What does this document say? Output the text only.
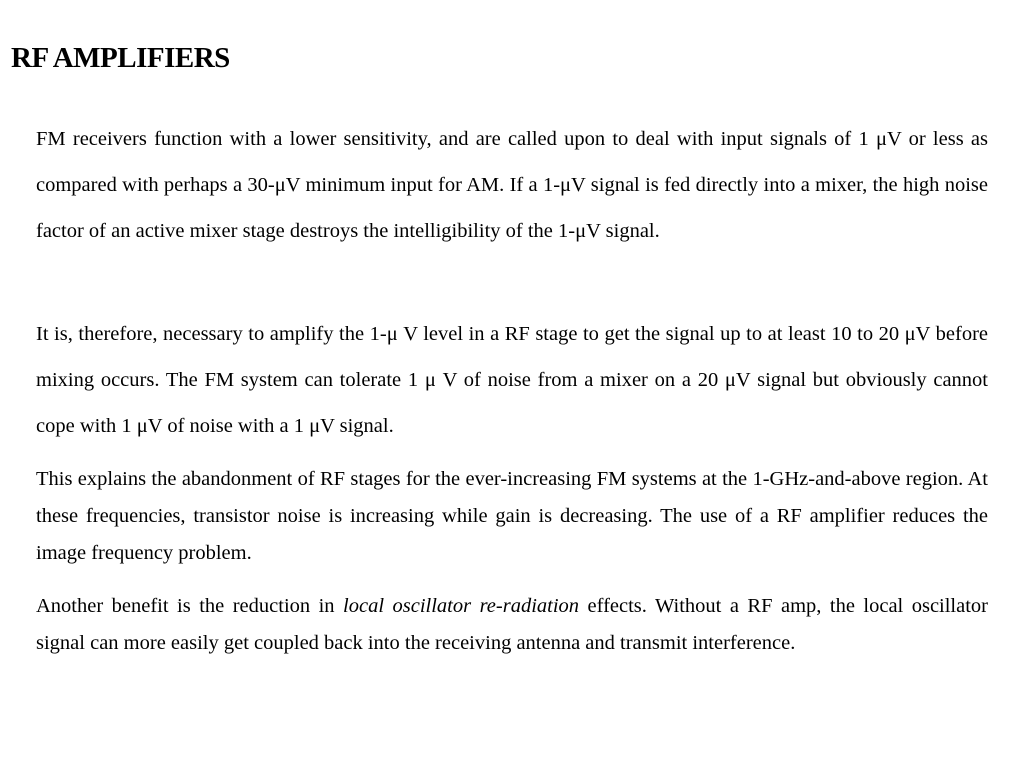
RF AMPLIFIERS

FM receivers function with a lower sensitivity, and are called upon to deal with input signals of 1 μV or less as compared with perhaps a 30-μV minimum input for AM. If a 1-μV signal is fed directly into a mixer, the high noise factor of an active mixer stage destroys the intelligibility of the 1-μV signal.

It is, therefore, necessary to amplify the 1-μ V level in a RF stage to get the signal up to at least 10 to 20 μV before mixing occurs. The FM system can tolerate 1 μ V of noise from a mixer on a 20 μV signal but obviously cannot cope with 1 μV of noise with a 1 μV signal.

This explains the abandonment of RF stages for the ever-increasing FM systems at the 1-GHz-and-above region. At these frequencies, transistor noise is increasing while gain is decreasing. The use of a RF amplifier reduces the image frequency problem.

Another benefit is the reduction in local oscillator re-radiation effects. Without a RF amp, the local oscillator signal can more easily get coupled back into the receiving antenna and transmit interference.
